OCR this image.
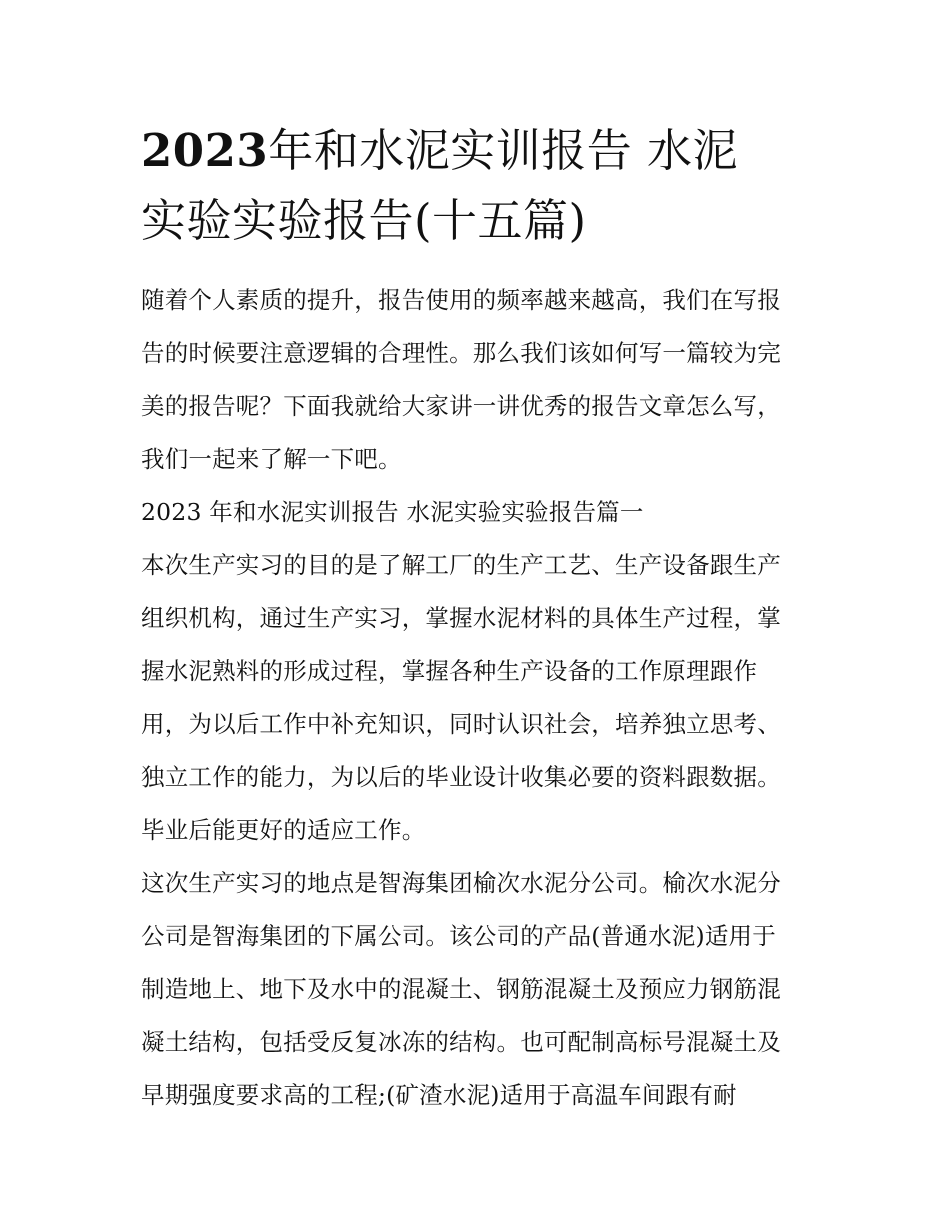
2023年和水泥实训报告 水泥
实验实验报告(十五篇)
随着个人素质的提升，报告使用的频率越来越高，我们在写报
告的时候要注意逻辑的合理性。那么我们该如何写一篇较为完
美的报告呢？下面我就给大家讲一讲优秀的报告文章怎么写，
我们一起来了解一下吧。
2023 年和水泥实训报告 水泥实验实验报告篇一
本次生产实习的目的是了解工厂的生产工艺、生产设备跟生产
组织机构，通过生产实习，掌握水泥材料的具体生产过程，掌
握水泥熟料的形成过程，掌握各种生产设备的工作原理跟作
用，为以后工作中补充知识，同时认识社会，培养独立思考、
独立工作的能力，为以后的毕业设计收集必要的资料跟数据。
毕业后能更好的适应工作。
这次生产实习的地点是智海集团榆次水泥分公司。榆次水泥分
公司是智海集团的下属公司。该公司的产品(普通水泥)适用于
制造地上、地下及水中的混凝土、钢筋混凝土及预应力钢筋混
凝土结构，包括受反复冰冻的结构。也可配制高标号混凝土及
早期强度要求高的工程;(矿渣水泥)适用于高温车间跟有耐
